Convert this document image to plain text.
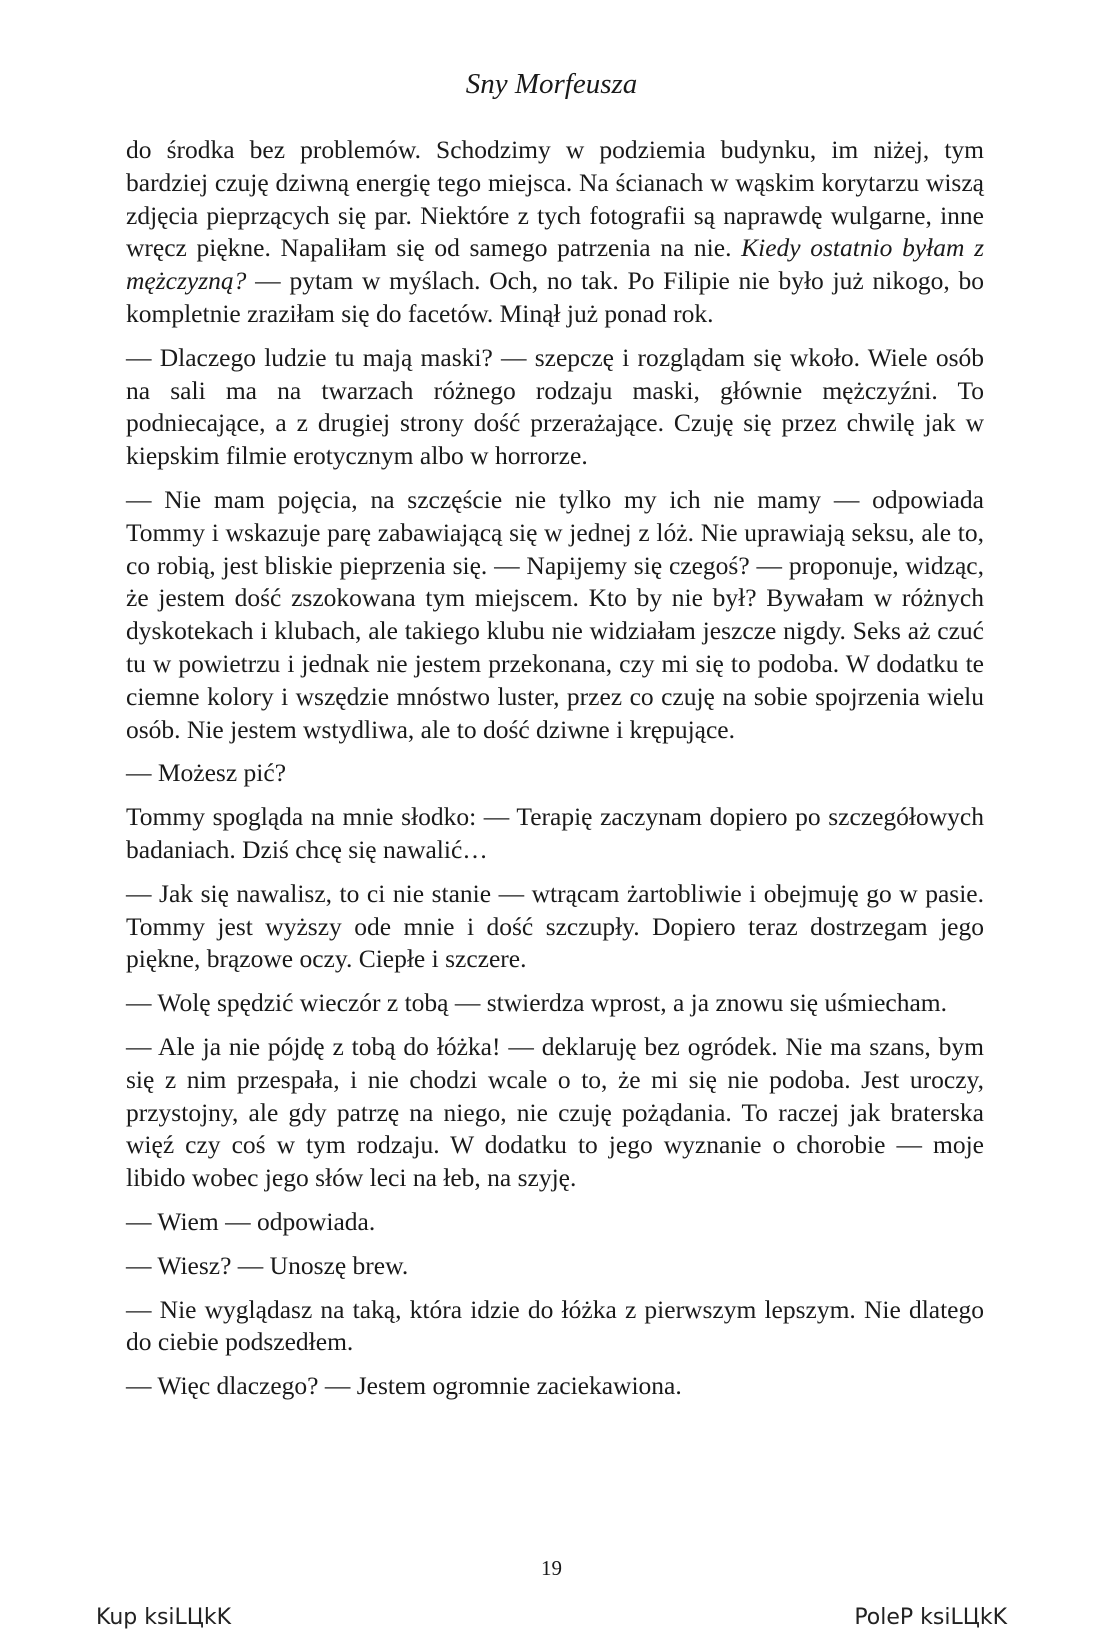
Sny Morfeusza

do środka bez problemów. Schodzimy w podziemia budynku, im niżej, tym bardziej czuję dziwną energię tego miejsca. Na ścianach w wąskim korytarzu wiszą zdjęcia pieprzących się par. Niektóre z tych fotografii są naprawdę wulgarne, inne wręcz piękne. Napaliłam się od samego patrzenia na nie. Kiedy ostatnio byłam z mężczyzną? — pytam w myślach. Och, no tak. Po Filipie nie było już nikogo, bo kompletnie zraziłam się do facetów. Minął już ponad rok.

— Dlaczego ludzie tu mają maski? — szepczę i rozglądam się wkoło. Wiele osób na sali ma na twarzach różnego rodzaju maski, głównie mężczyźni. To podniecające, a z drugiej strony dość przerażające. Czuję się przez chwilę jak w kiepskim filmie erotycznym albo w horrorze.

— Nie mam pojęcia, na szczęście nie tylko my ich nie mamy — odpowiada Tommy i wskazuje parę zabawiającą się w jednej z lóż. Nie uprawiają seksu, ale to, co robią, jest bliskie pieprzenia się. — Napijemy się czegoś? — proponuje, widząc, że jestem dość zszokowana tym miejscem. Kto by nie był? Bywałam w różnych dyskotekach i klubach, ale takiego klubu nie widziałam jeszcze nigdy. Seks aż czuć tu w powietrzu i jednak nie jestem przekonana, czy mi się to podoba. W dodatku te ciemne kolory i wszędzie mnóstwo luster, przez co czuję na sobie spojrzenia wielu osób. Nie jestem wstydliwa, ale to dość dziwne i krępujące.

— Możesz pić?

Tommy spogląda na mnie słodko: — Terapię zaczynam dopiero po szczegółowych badaniach. Dziś chcę się nawalić…

— Jak się nawalisz, to ci nie stanie — wtrącam żartobliwie i obejmuję go w pasie. Tommy jest wyższy ode mnie i dość szczupły. Dopiero teraz dostrzegam jego piękne, brązowe oczy. Ciepłe i szczere.

— Wolę spędzić wieczór z tobą — stwierdza wprost, a ja znowu się uśmiecham.

— Ale ja nie pójdę z tobą do łóżka! — deklaruję bez ogródek. Nie ma szans, bym się z nim przespała, i nie chodzi wcale o to, że mi się nie podoba. Jest uroczy, przystojny, ale gdy patrzę na niego, nie czuję pożądania. To raczej jak braterska więź czy coś w tym rodzaju. W dodatku to jego wyznanie o chorobie — moje libido wobec jego słów leci na łeb, na szyję.

— Wiem — odpowiada.

— Wiesz? — Unoszę brew.

— Nie wyglądasz na taką, która idzie do łóżka z pierwszym lepszym. Nie dlatego do ciebie podszedłem.

— Więc dlaczego? — Jestem ogromnie zaciekawiona.

19
Kup ksiLЦkK	PoleP ksiLЦkK
